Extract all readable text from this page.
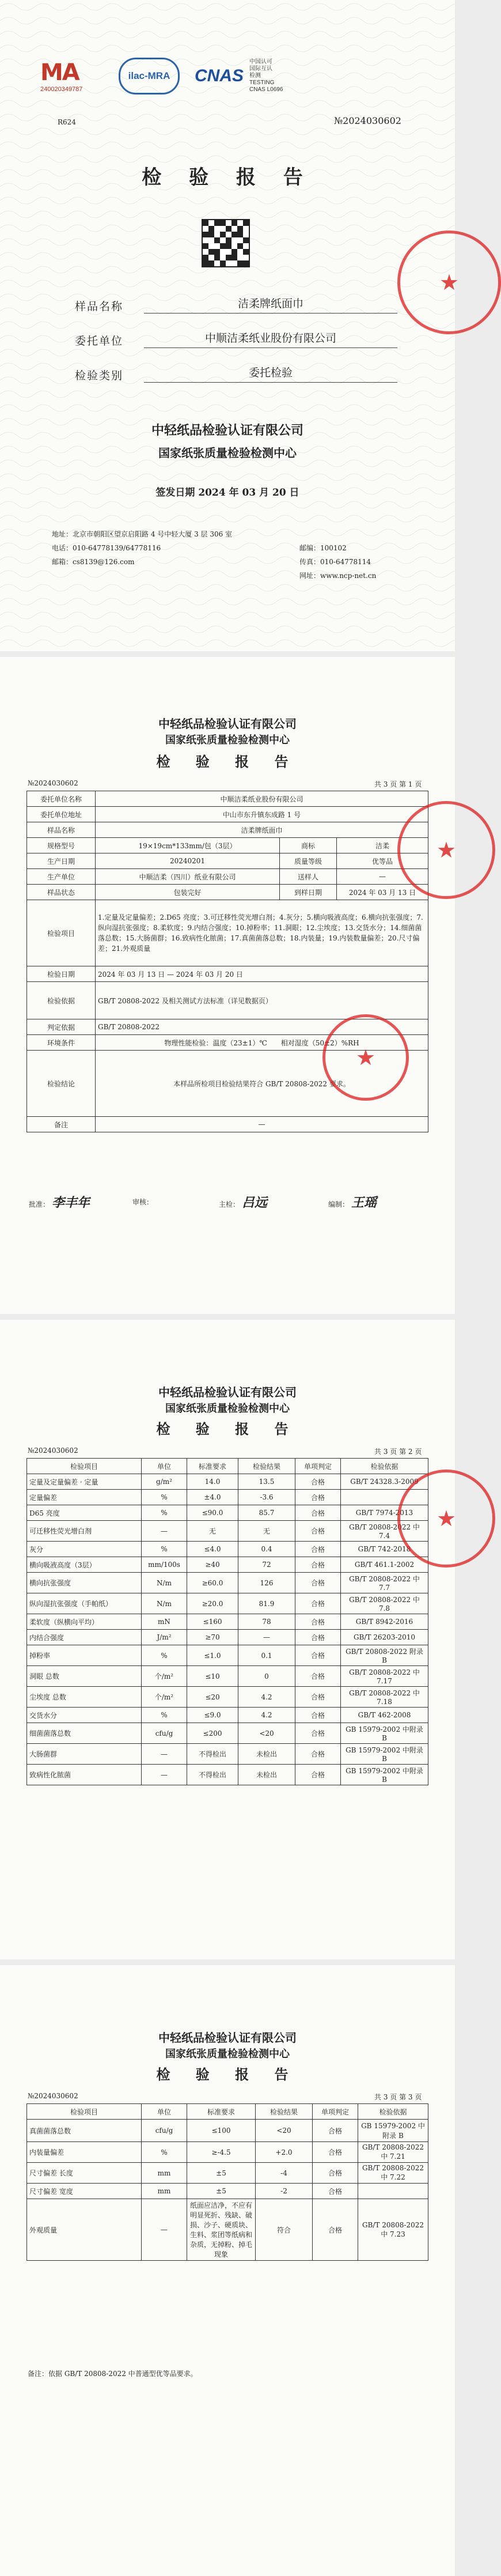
MA
240020349787
ilac-MRA CNAS
中国认可
国际互认
检测
TESTING
CNAS L0696
R624	№2024030602
检 验 报 告
样品名称	洁柔牌纸面巾
委托单位	中顺洁柔纸业股份有限公司
检验类别	委托检验
中轻纸品检验认证有限公司
国家纸张质量检验检测中心
签发日期 2024 年 03 月 20 日
地址：北京市朝阳区望京启阳路 4 号中轻大厦 3 层 306 室
电话：010-64778139/64778116
邮箱：cs8139@126.com
邮编：100102
传真：010-64778114
网址：www.ncp-net.cn
★
中轻纸品检验认证有限公司
国家纸张质量检验检测中心
检 验 报 告
№2024030602	共 3 页 第 1 页
委托单位名称	中顺洁柔纸业股份有限公司		
委托单位地址	中山市东升镇东成路 1 号		
样品名称	洁柔牌纸面巾		
规格型号	19×19cm*133mm/包（3层）	商标	洁柔
生产日期	20240201	质量等级	优等品
生产单位	中顺洁柔（四川）纸业有限公司	送样人	—
样品状态	包装完好	到样日期	2024 年 03 月 13 日
检验项目	1.定量及定量偏差；2.D65 亮度；3.可迁移性荧光增白剂；4.灰分；5.横向吸液高度；6.横向抗张强度；7.纵向湿抗张强度；8.柔软度；9.内结合强度；10.掉粉率；11.洞眼；12.尘埃度；13.交货水分；14.细菌菌落总数；15.大肠菌群；16.致病性化脓菌；17.真菌菌落总数；18.内装量；19.内装数量偏差；20.尺寸偏差；21.外观质量		
检验日期	2024 年 03 月 13 日 — 2024 年 03 月 20 日		
检验依据	GB/T 20808-2022 及相关测试方法标准（详见数据页）		
判定依据	GB/T 20808-2022		
环境条件	物理性能检验：温度（23±1）℃　　相对湿度（50±2）%RH		
检验结论	本样品所检项目检验结果符合 GB/T 20808-2022 要求。		
备注	—		
批准： 李丰年	审核：	主检： 吕远	编制： 王瑶
★
★
中轻纸品检验认证有限公司
国家纸张质量检验检测中心
检 验 报 告
№2024030602	共 3 页 第 2 页
检验项目	单位	标准要求	检验结果	单项判定	检验依据
定量及定量偏差 · 定量	g/m²	14.0	13.5	合格	GB/T 24328.3-2009
定量偏差	%	±4.0	-3.6	合格	
D65 亮度	%	≤90.0	85.7	合格	GB/T 7974-2013
可迁移性荧光增白剂	—	无	无	合格	GB/T 20808-2022 中 7.4
灰分	%	≤4.0	0.4	合格	GB/T 742-2018
横向吸液高度（3层）	mm/100s	≥40	72	合格	GB/T 461.1-2002
横向抗张强度	N/m	≥60.0	126	合格	GB/T 20808-2022 中 7.7
纵向湿抗张强度（手帕纸）	N/m	≥20.0	81.9	合格	GB/T 20808-2022 中 7.8
柔软度（纵横向平均）	mN	≤160	78	合格	GB/T 8942-2016
内结合强度	J/m²	≥70	—	合格	GB/T 26203-2010
掉粉率	%	≤1.0	0.1	合格	GB/T 20808-2022 附录 B
洞眼 总数	个/m²	≤10	0	合格	GB/T 20808-2022 中 7.17
尘埃度 总数	个/m²	≤20	4.2	合格	GB/T 20808-2022 中 7.18
交货水分	%	≤9.0	4.2	合格	GB/T 462-2008
细菌菌落总数	cfu/g	≤200	<20	合格	GB 15979-2002 中附录 B
大肠菌群	—	不得检出	未检出	合格	GB 15979-2002 中附录 B
致病性化脓菌	—	不得检出	未检出	合格	GB 15979-2002 中附录 B
★
中轻纸品检验认证有限公司
国家纸张质量检验检测中心
检 验 报 告
№2024030602	共 3 页 第 3 页
检验项目	单位	标准要求	检验结果	单项判定	检验依据
真菌菌落总数	cfu/g	≤100	<20	合格	GB 15979-2002 中附录 B
内装量偏差	%	≥-4.5	+2.0	合格	GB/T 20808-2022 中 7.21
尺寸偏差 长度	mm	±5	-4	合格	GB/T 20808-2022 中 7.22
尺寸偏差 宽度	mm	±5	-2	合格	
外观质量	—	纸面应洁净，不应有明显死折、残缺、破损、沙子、硬质块、生料、浆团等纸病和杂质，无掉粉、掉毛现象	符合	合格	GB/T 20808-2022 中 7.23
备注：依据 GB/T 20808-2022 中普通型优等品要求。
